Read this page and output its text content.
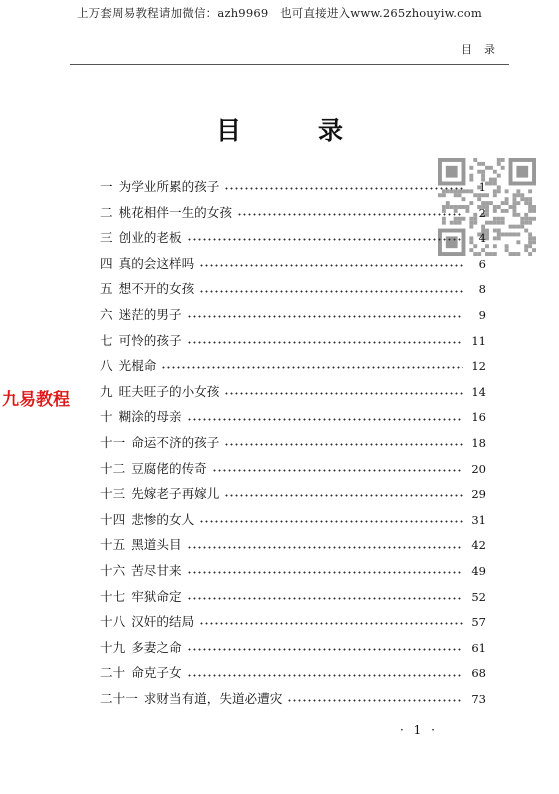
上万套周易教程请加微信：azh9969　也可直接进入www.265zhouyiw.com
目录
目　录
九易教程
一 为学业所累的孩子	1
二 桃花相伴一生的女孩	2
三 创业的老板	4
四 真的会这样吗	6
五 想不开的女孩	8
六 迷茫的男子	9
七 可怜的孩子	11
八 光棍命	12
九 旺夫旺子的小女孩	14
十 糊涂的母亲	16
十一 命运不济的孩子	18
十二 豆腐佬的传奇	20
十三 先嫁老子再嫁儿	29
十四 悲惨的女人	31
十五 黑道头目	42
十六 苦尽甘来	49
十七 牢狱命定	52
十八 汉奸的结局	57
十九 多妻之命	61
二十 命克子女	68
二十一 求财当有道，失道必遭灾	73
· 1 ·
